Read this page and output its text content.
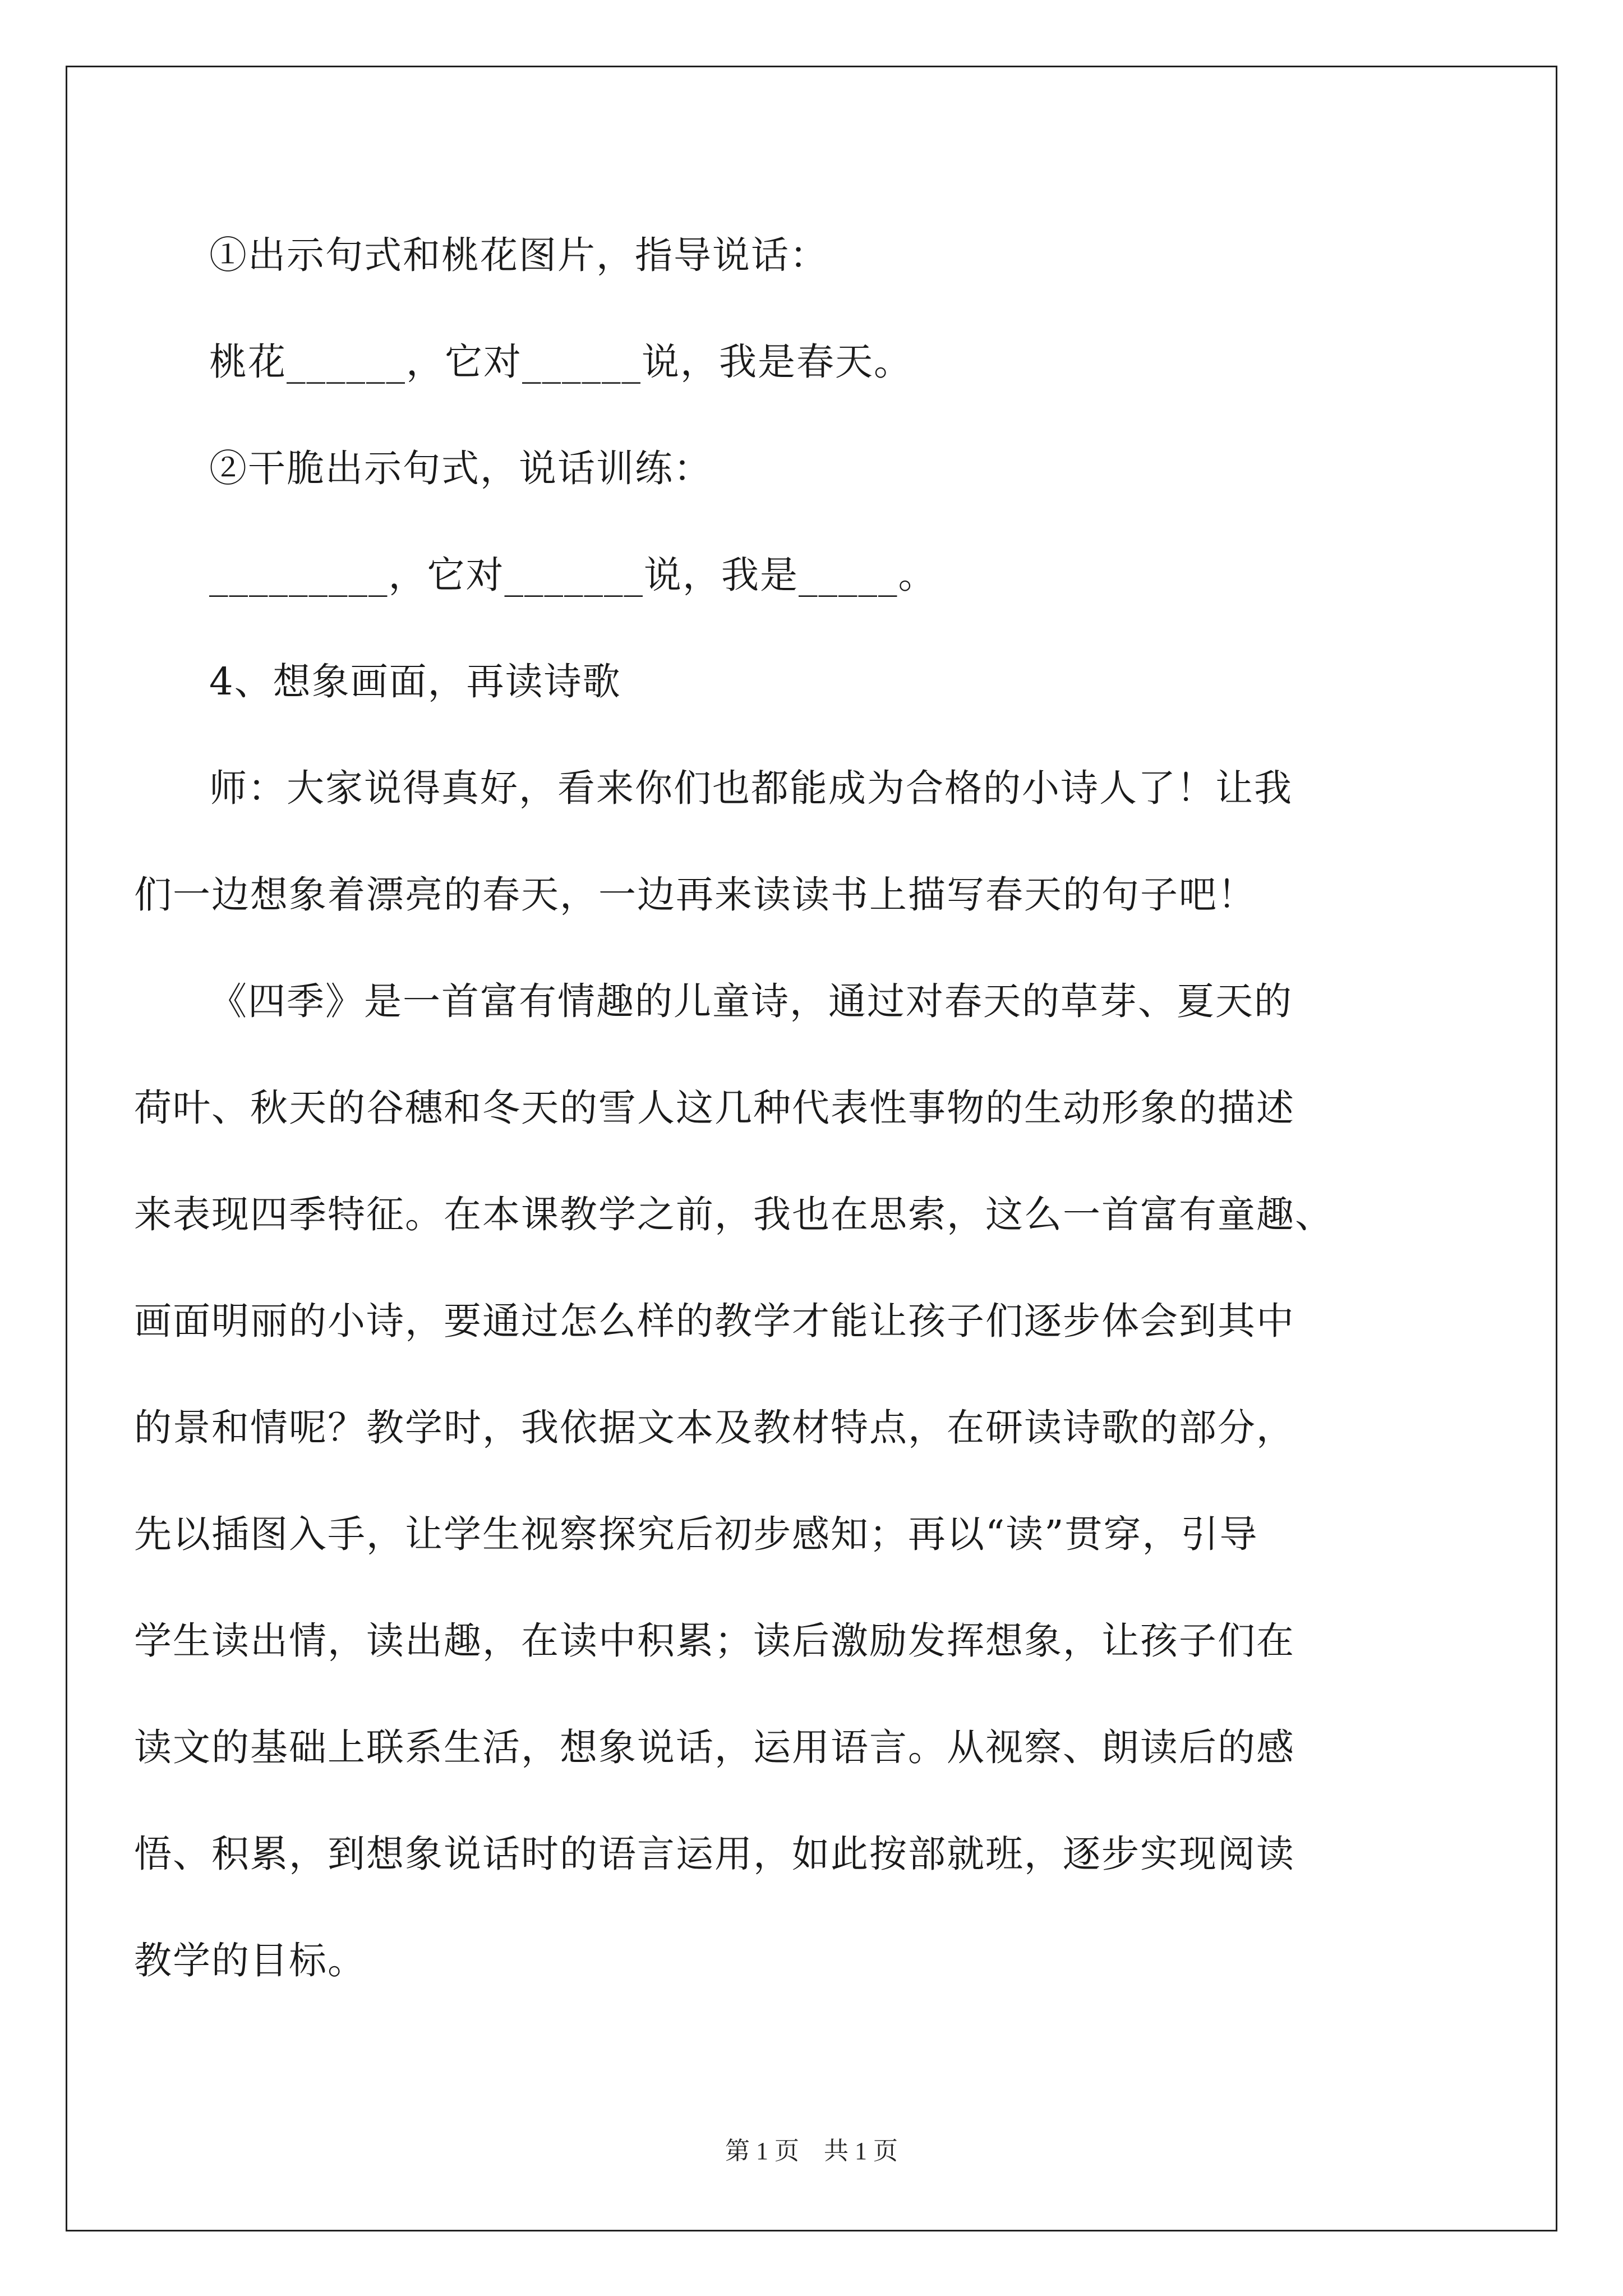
①出示句式和桃花图片，指导说话：
桃花______，它对______说，我是春天。
②干脆出示句式，说话训练：
_________，它对_______说，我是_____。
4、想象画面，再读诗歌
师：大家说得真好，看来你们也都能成为合格的小诗人了！让我
们一边想象着漂亮的春天，一边再来读读书上描写春天的句子吧！
《四季》是一首富有情趣的儿童诗，通过对春天的草芽、夏天的
荷叶、秋天的谷穗和冬天的雪人这几种代表性事物的生动形象的描述
来表现四季特征。在本课教学之前，我也在思索，这么一首富有童趣、
画面明丽的小诗，要通过怎么样的教学才能让孩子们逐步体会到其中
的景和情呢？教学时，我依据文本及教材特点，在研读诗歌的部分，
先以插图入手，让学生视察探究后初步感知；再以“读”贯穿，引导
学生读出情，读出趣，在读中积累；读后激励发挥想象，让孩子们在
读文的基础上联系生活，想象说话，运用语言。从视察、朗读后的感
悟、积累，到想象说话时的语言运用，如此按部就班，逐步实现阅读
教学的目标。
第 1 页    共 1 页
